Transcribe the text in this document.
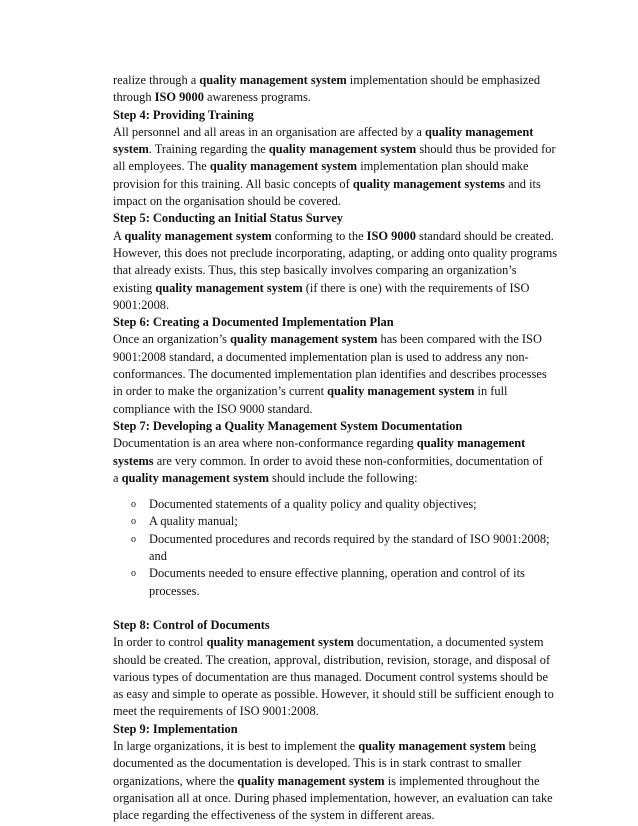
realize through a quality management system implementation should be emphasized
through ISO 9000 awareness programs.
Step 4: Providing Training
All personnel and all areas in an organisation are affected by a quality management
system. Training regarding the quality management system should thus be provided for
all employees. The quality management system implementation plan should make
provision for this training. All basic concepts of quality management systems and its
impact on the organisation should be covered.
Step 5: Conducting an Initial Status Survey
A quality management system conforming to the ISO 9000 standard should be created.
However, this does not preclude incorporating, adapting, or adding onto quality programs
that already exists. Thus, this step basically involves comparing an organization’s
existing quality management system (if there is one) with the requirements of ISO
9001:2008.
Step 6: Creating a Documented Implementation Plan
Once an organization’s quality management system has been compared with the ISO
9001:2008 standard, a documented implementation plan is used to address any non-
conformances. The documented implementation plan identifies and describes processes
in order to make the organization’s current quality management system in full
compliance with the ISO 9000 standard.
Step 7: Developing a Quality Management System Documentation
Documentation is an area where non-conformance regarding quality management
systems are very common. In order to avoid these non-conformities, documentation of
a quality management system should include the following:
o Documented statements of a quality policy and quality objectives;
o A quality manual;
o Documented procedures and records required by the standard of ISO 9001:2008;
and
o Documents needed to ensure effective planning, operation and control of its
processes.
Step 8: Control of Documents
In order to control quality management system documentation, a documented system
should be created. The creation, approval, distribution, revision, storage, and disposal of
various types of documentation are thus managed. Document control systems should be
as easy and simple to operate as possible. However, it should still be sufficient enough to
meet the requirements of ISO 9001:2008.
Step 9: Implementation
In large organizations, it is best to implement the quality management system being
documented as the documentation is developed. This is in stark contrast to smaller
organizations, where the quality management system is implemented throughout the
organisation all at once. During phased implementation, however, an evaluation can take
place regarding the effectiveness of the system in different areas.
